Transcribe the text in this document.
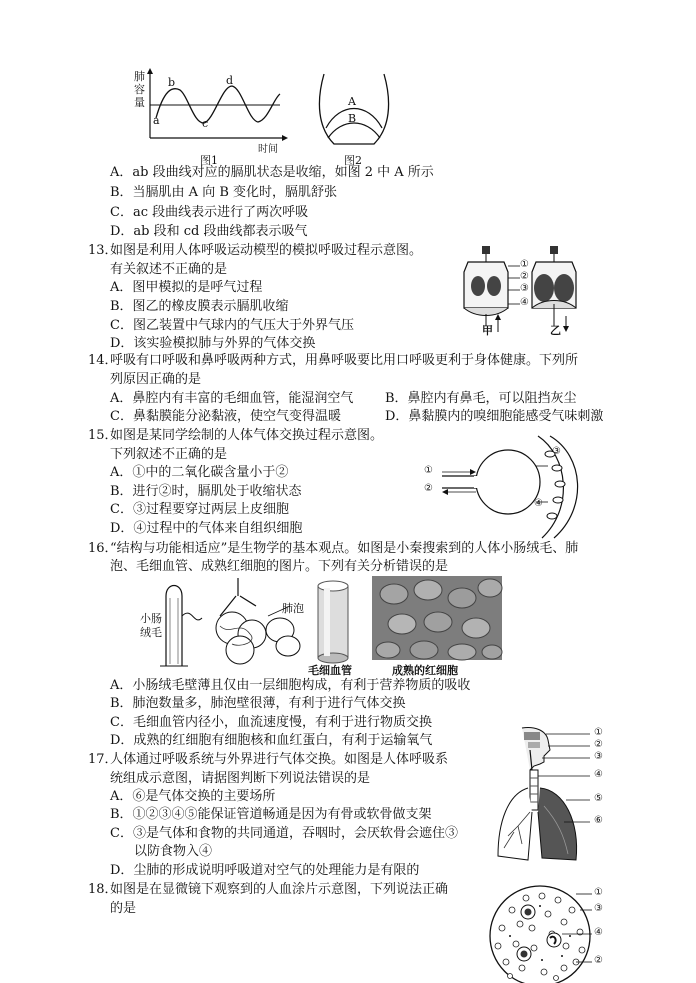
肺容量
a
b
c
d
时间
图1
A
B
图2
A．ab 段曲线对应的膈肌状态是收缩，如图 2 中 A 所示
B．当膈肌由 A 向 B 变化时，膈肌舒张
C．ac 段曲线表示进行了两次呼吸
D．ab 段和 cd 段曲线都表示吸气
13．
如图是利用人体呼吸运动模型的模拟呼吸过程示意图。
有关叙述不正确的是
A．图甲模拟的是呼气过程
B．图乙的橡皮膜表示膈肌收缩
C．图乙装置中气球内的气压大于外界气压
D．该实验模拟肺与外界的气体交换
①
②
③
④
甲	乙
14．
呼吸有口呼吸和鼻呼吸两种方式，用鼻呼吸要比用口呼吸更利于身体健康。下列所
列原因正确的是
A．鼻腔内有丰富的毛细血管，能湿润空气 B．鼻腔内有鼻毛，可以阻挡灰尘
C．鼻黏膜能分泌黏液，使空气变得温暖	D．鼻黏膜内的嗅细胞能感受气味刺激
15．
如图是某同学绘制的人体气体交换过程示意图。
下列叙述不正确的是
A．①中的二氧化碳含量小于②
B．进行②时，膈肌处于收缩状态
C．③过程要穿过两层上皮细胞
D．④过程中的气体来自组织细胞
①
②
③
④
16．
“结构与功能相适应”是生物学的基本观点。如图是小秦搜索到的人体小肠绒毛、肺
泡、毛细血管、成熟红细胞的图片。下列有关分析错误的是
小肠
绒毛
肺泡
毛细血管	成熟的红细胞
A．小肠绒毛壁薄且仅由一层细胞构成，有利于营养物质的吸收
B．肺泡数量多，肺泡壁很薄，有利于进行气体交换
C．毛细血管内径小，血流速度慢，有利于进行物质交换
D．成熟的红细胞有细胞核和血红蛋白，有利于运输氧气
17．
人体通过呼吸系统与外界进行气体交换。如图是人体呼吸系
统组成示意图，请据图判断下列说法错误的是
A．⑥是气体交换的主要场所
B．①②③④⑤能保证管道畅通是因为有骨或软骨做支架
C．③是气体和食物的共同通道，吞咽时，会厌软骨会遮住③
以防食物入④
D．尘肺的形成说明呼吸道对空气的处理能力是有限的
①
②
③
④
⑤
⑥
18．
如图是在显微镜下观察到的人血涂片示意图，下列说法正确
的是
①
③
④
②
